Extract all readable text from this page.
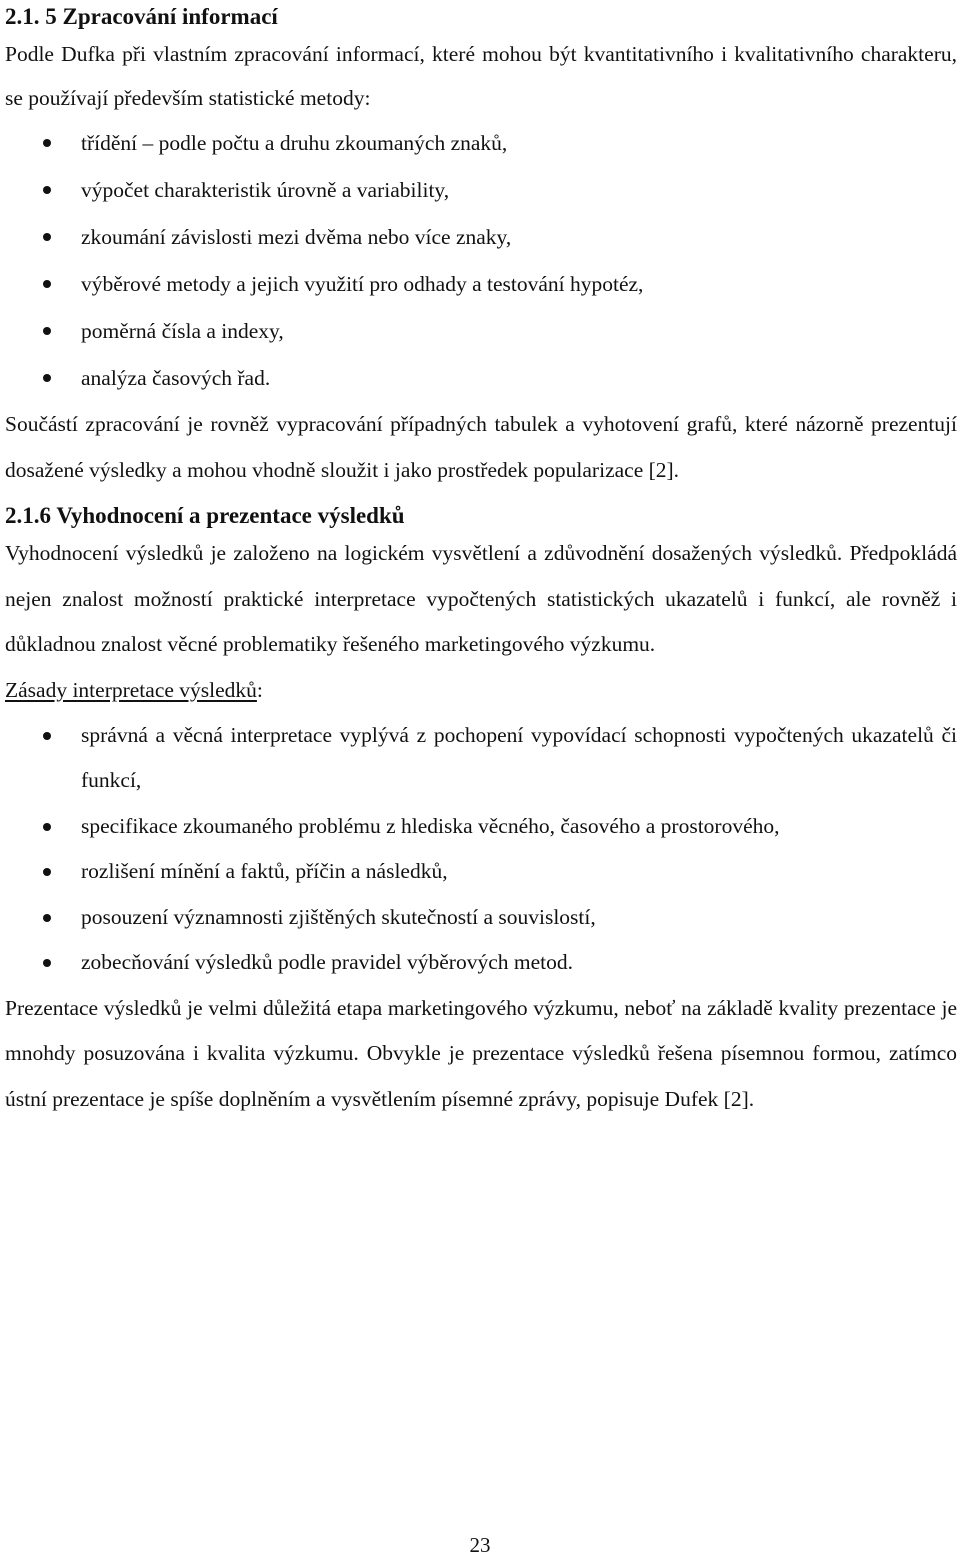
2.1. 5 Zpracování informací

Podle Dufka při vlastním zpracování informací, které mohou být kvantitativního i kvalitativního charakteru, se používají především statistické metody:

třídění – podle počtu a druhu zkoumaných znaků,
výpočet charakteristik úrovně a variability,
zkoumání závislosti mezi dvěma nebo více znaky,
výběrové metody a jejich využití pro odhady a testování hypotéz,
poměrná čísla a indexy,
analýza časových řad.

Součástí zpracování je rovněž vypracování případných tabulek a vyhotovení grafů, které názorně prezentují dosažené výsledky a mohou vhodně sloužit i jako prostředek popularizace [2].

2.1.6 Vyhodnocení a prezentace výsledků

Vyhodnocení výsledků je založeno na logickém vysvětlení a zdůvodnění dosažených výsledků. Předpokládá nejen znalost možností praktické interpretace vypočtených statistických ukazatelů i funkcí, ale rovněž i důkladnou znalost věcné problematiky řešeného marketingového výzkumu.

Zásady interpretace výsledků:

správná a věcná interpretace vyplývá z pochopení vypovídací schopnosti vypočtených ukazatelů či funkcí,
specifikace zkoumaného problému z hlediska věcného, časového a prostorového,
rozlišení mínění a faktů, příčin a následků,
posouzení významnosti zjištěných skutečností a souvislostí,
zobecňování výsledků podle pravidel výběrových metod.

Prezentace výsledků je velmi důležitá etapa marketingového výzkumu, neboť na základě kvality prezentace je mnohdy posuzována i kvalita výzkumu. Obvykle je prezentace výsledků řešena písemnou formou, zatímco ústní prezentace je spíše doplněním a vysvětlením písemné zprávy, popisuje Dufek [2].

23
